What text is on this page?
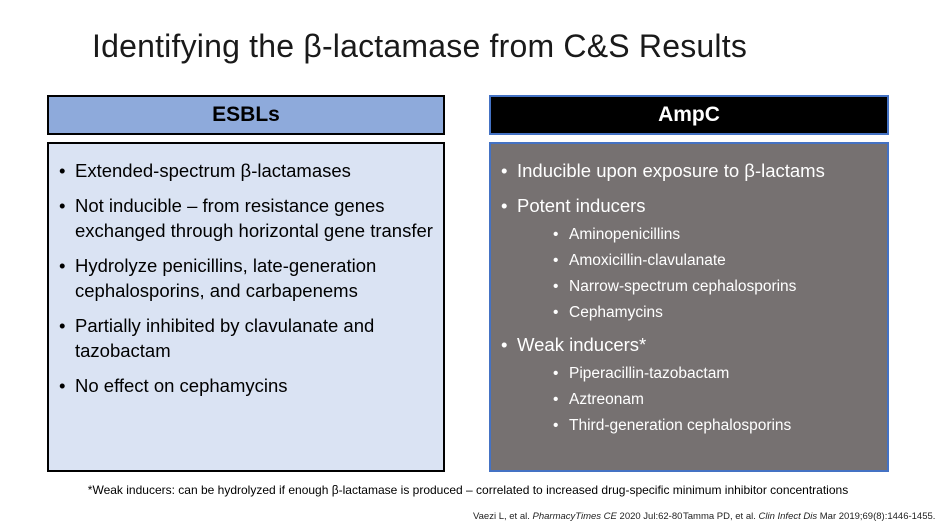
Identifying the β-lactamase from C&S Results
ESBLs
• Extended-spectrum β-lactamases
• Not inducible – from resistance genes exchanged through horizontal gene transfer
• Hydrolyze penicillins, late-generation cephalosporins, and carbapenems
• Partially inhibited by clavulanate and tazobactam
• No effect on cephamycins
AmpC
• Inducible upon exposure to β-lactams
• Potent inducers
• Aminopenicillins
• Amoxicillin-clavulanate
• Narrow-spectrum cephalosporins
• Cephamycins
• Weak inducers*
• Piperacillin-tazobactam
• Aztreonam
• Third-generation cephalosporins
*Weak inducers: can be hydrolyzed if enough β-lactamase is produced – correlated to increased drug-specific minimum inhibitor concentrations
Vaezi L, et al. PharmacyTimes CE 2020 Jul:62-80 Tamma PD, et al. Clin Infect Dis Mar 2019;69(8):1446-1455.
